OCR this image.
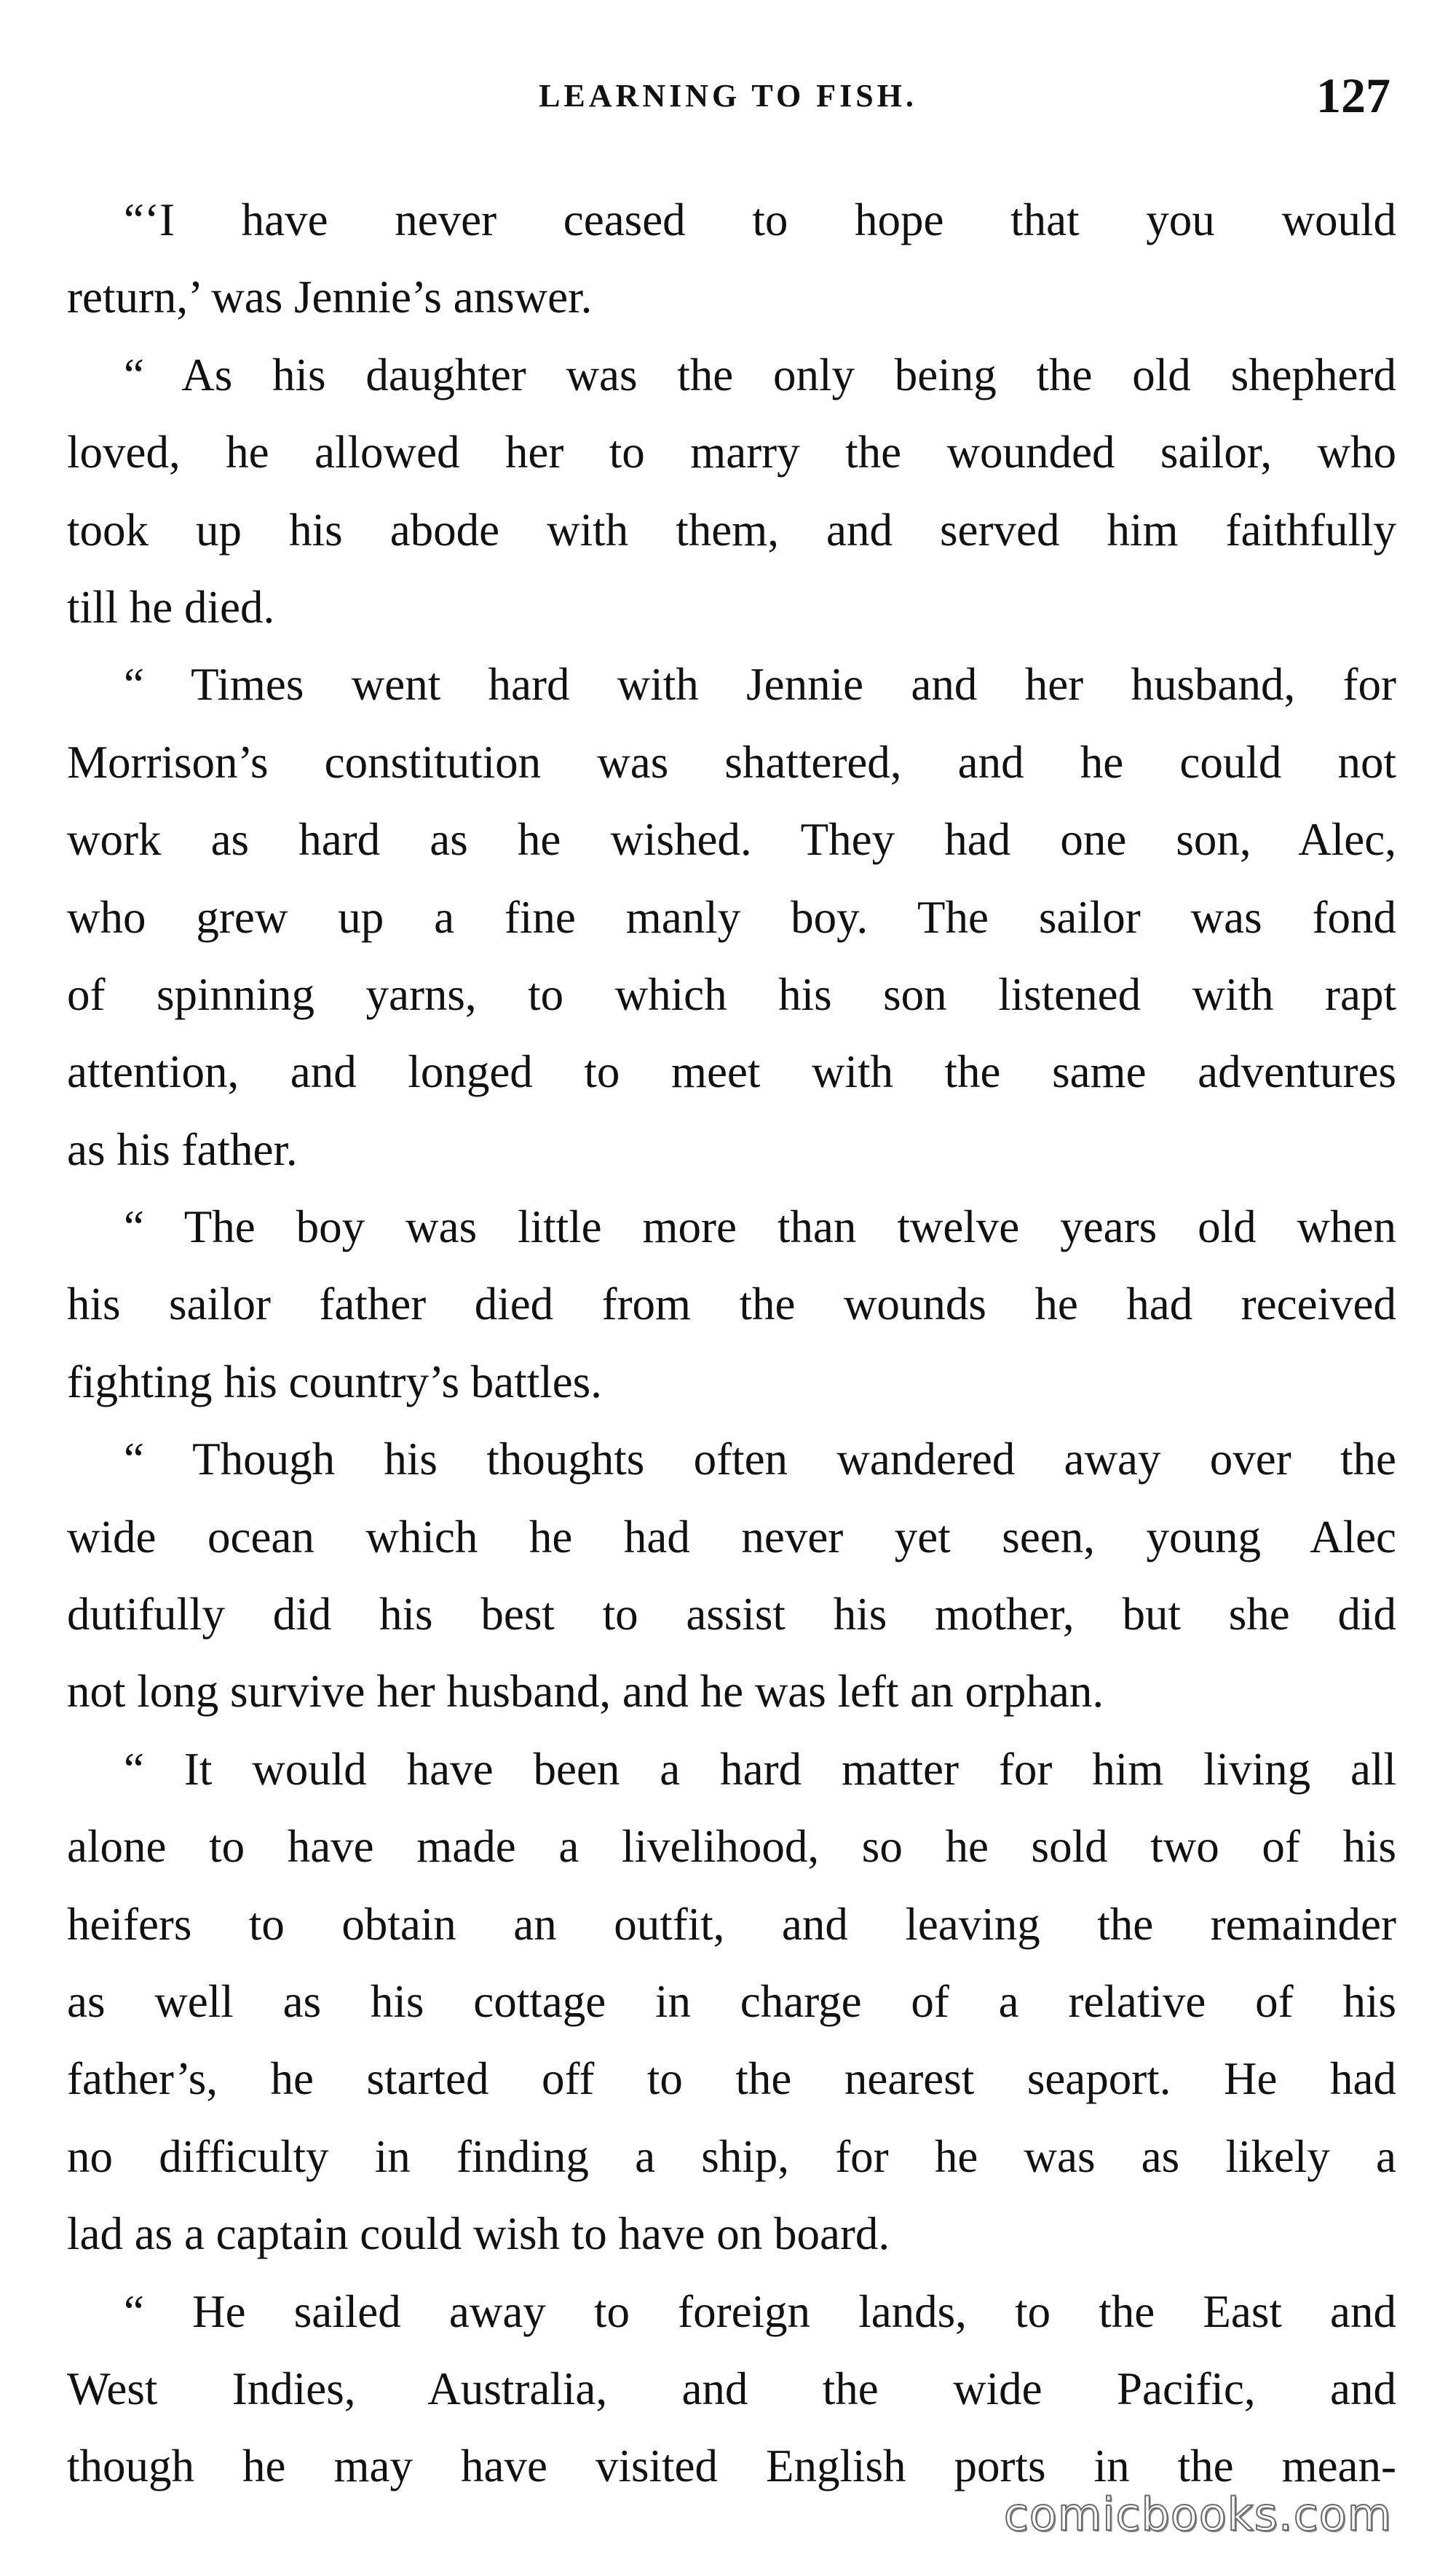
LEARNING TO FISH.	127
“‘I have never ceased to hope that you would
return,’ was Jennie’s answer.
“ As his daughter was the only being the old shepherd
loved, he allowed her to marry the wounded sailor, who
took up his abode with them, and served him faithfully
till he died.
“ Times went hard with Jennie and her husband, for
Morrison’s constitution was shattered, and he could not
work as hard as he wished. They had one son, Alec,
who grew up a fine manly boy. The sailor was fond
of spinning yarns, to which his son listened with rapt
attention, and longed to meet with the same adventures
as his father.
“ The boy was little more than twelve years old when
his sailor father died from the wounds he had received
fighting his country’s battles.
“ Though his thoughts often wandered away over the
wide ocean which he had never yet seen, young Alec
dutifully did his best to assist his mother, but she did
not long survive her husband, and he was left an orphan.
“ It would have been a hard matter for him living all
alone to have made a livelihood, so he sold two of his
heifers to obtain an outfit, and leaving the remainder
as well as his cottage in charge of a relative of his
father’s, he started off to the nearest seaport. He had
no difficulty in finding a ship, for he was as likely a
lad as a captain could wish to have on board.
“ He sailed away to foreign lands, to the East and
West Indies, Australia, and the wide Pacific, and
though he may have visited English ports in the mean-
comicbooks.com
